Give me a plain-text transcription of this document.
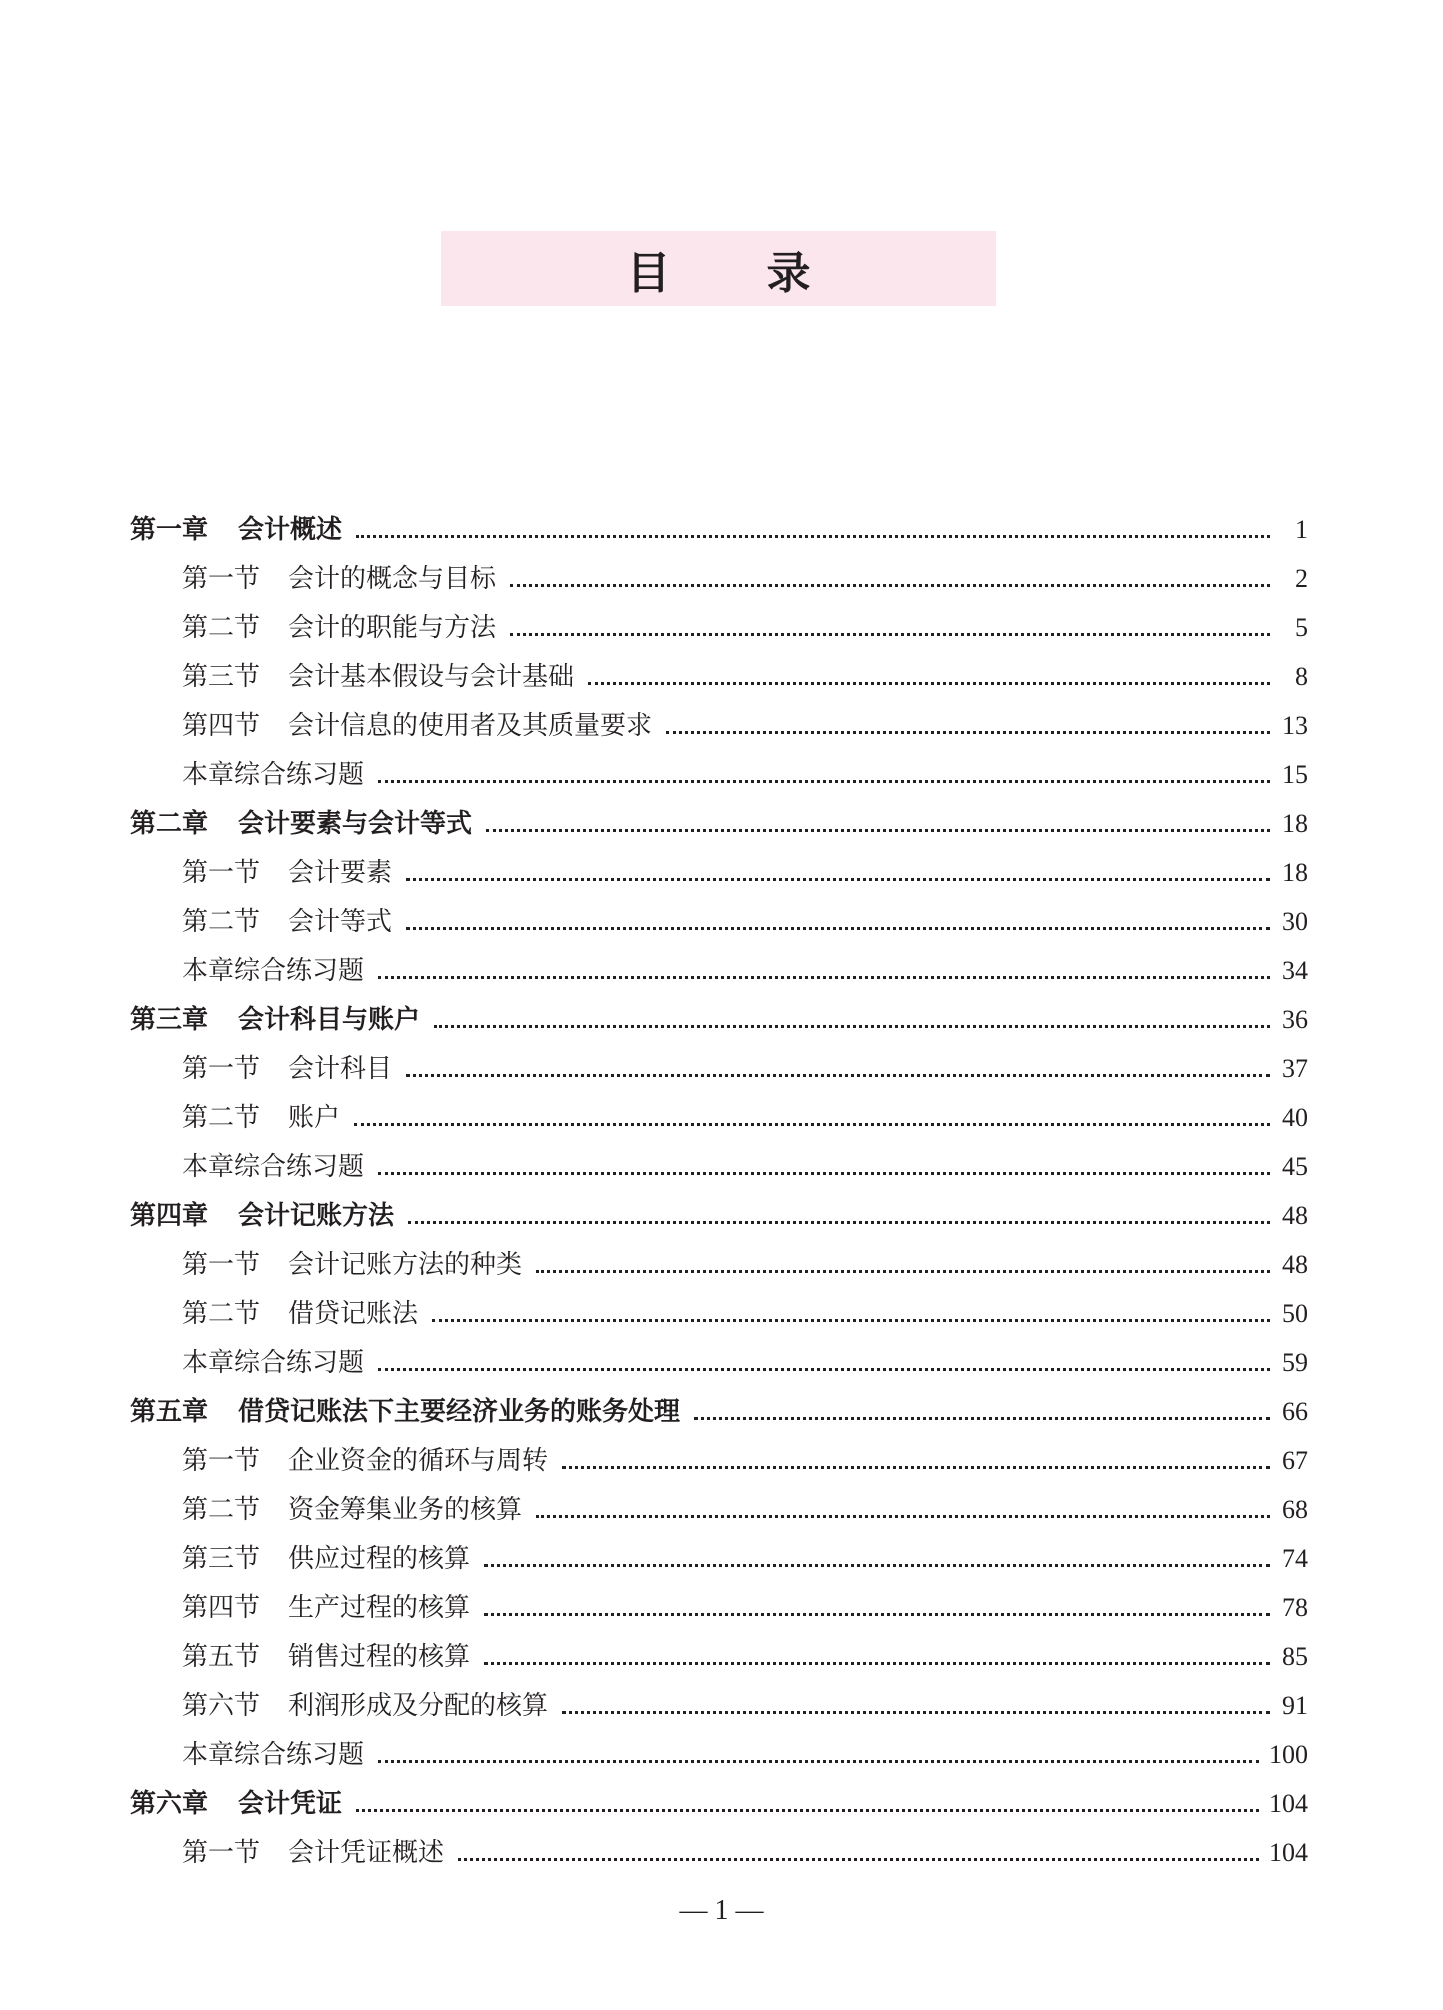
目 录
第一章 会计概述	1
第一节 会计的概念与目标	2
第二节 会计的职能与方法	5
第三节 会计基本假设与会计基础	8
第四节 会计信息的使用者及其质量要求	13
本章综合练习题	15
第二章 会计要素与会计等式	18
第一节 会计要素	18
第二节 会计等式	30
本章综合练习题	34
第三章 会计科目与账户	36
第一节 会计科目	37
第二节 账户	40
本章综合练习题	45
第四章 会计记账方法	48
第一节 会计记账方法的种类	48
第二节 借贷记账法	50
本章综合练习题	59
第五章 借贷记账法下主要经济业务的账务处理	66
第一节 企业资金的循环与周转	67
第二节 资金筹集业务的核算	68
第三节 供应过程的核算	74
第四节 生产过程的核算	78
第五节 销售过程的核算	85
第六节 利润形成及分配的核算	91
本章综合练习题	100
第六章 会计凭证	104
第一节 会计凭证概述	104
— 1 —
